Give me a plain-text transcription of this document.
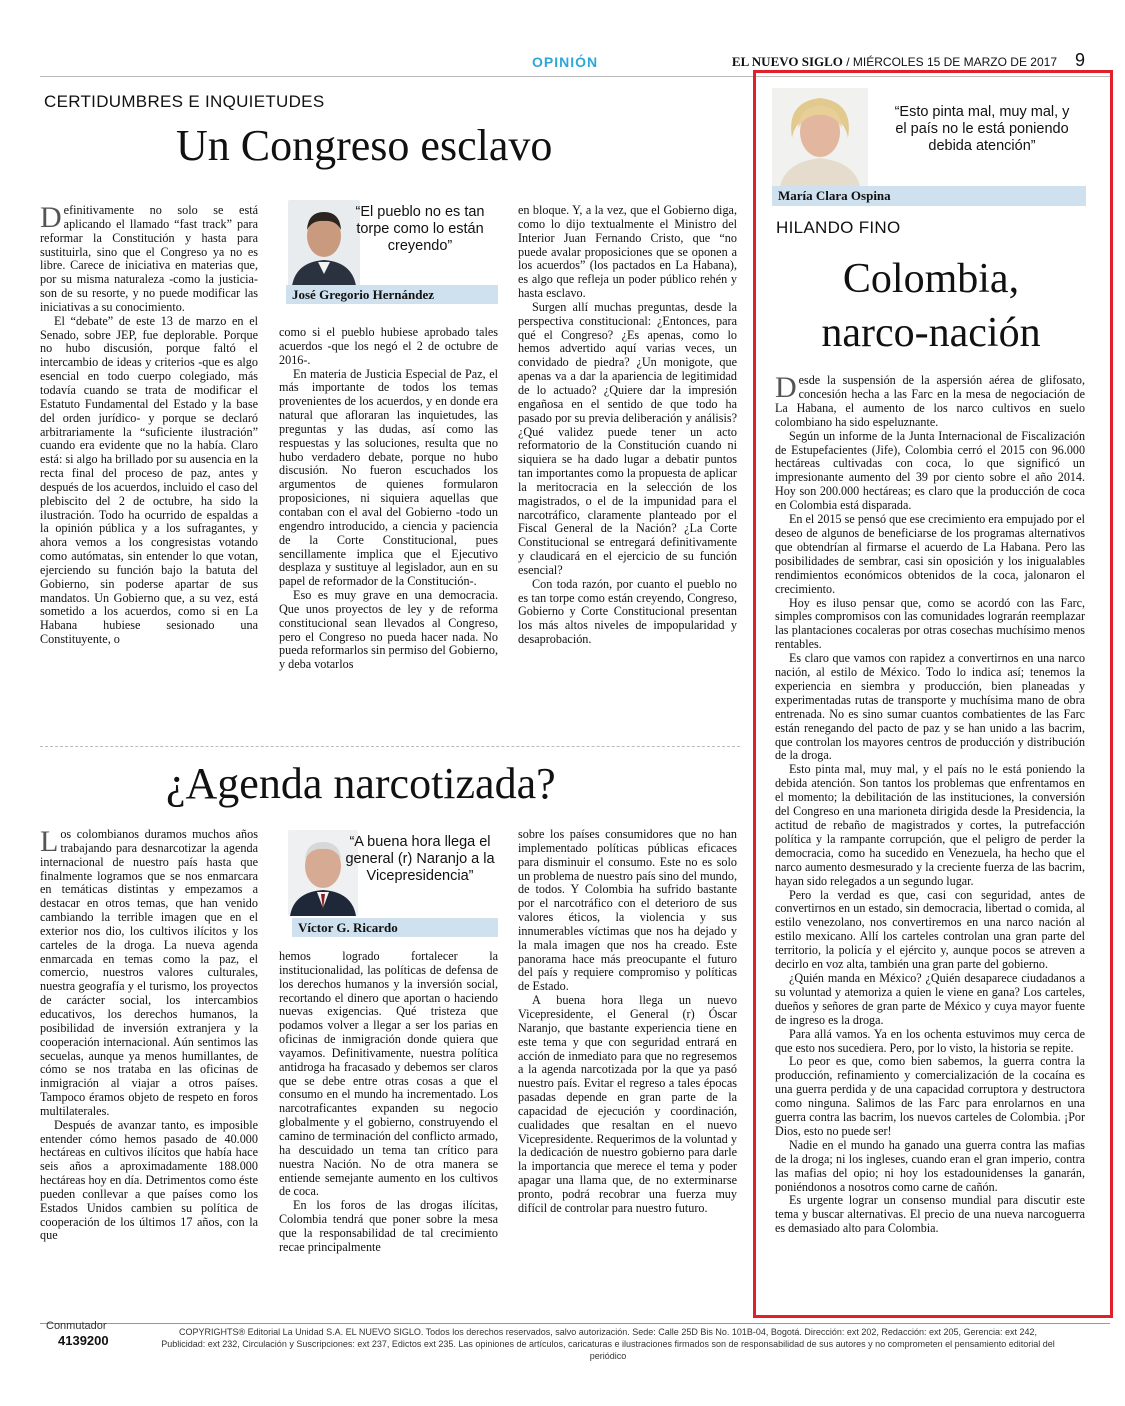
OPINIÓN	EL NUEVO SIGLO / MIÉRCOLES 15 DE MARZO DE 2017 9
CERTIDUMBRES E INQUIETUDES
Un Congreso esclavo

Definitivamente no solo se está aplicando el llamado “fast track” para reformar la Constitución y hasta para sustituirla, sino que el Congreso ya no es libre. Carece de iniciativa en materias que, por su misma naturaleza -como la justicia- son de su resorte, y no puede modificar las iniciativas a su conocimiento.

El “debate” de este 13 de marzo en el Senado, sobre JEP, fue deplorable. Porque no hubo discusión, porque faltó el intercambio de ideas y criterios -que es algo esencial en todo cuerpo colegiado, más todavía cuando se trata de modificar el Estatuto Fundamental del Estado y la base del orden jurídico- y porque se declaró arbitrariamente la “suficiente ilustración” cuando era evidente que no la había. Claro está: si algo ha brillado por su ausencia en la recta final del proceso de paz, antes y después de los acuerdos, incluido el caso del plebiscito del 2 de octubre, ha sido la ilustración. Todo ha ocurrido de espaldas a la opinión pública y a los sufragantes, y ahora vemos a los congresistas votando como autómatas, sin entender lo que votan, ejerciendo su función bajo la batuta del Gobierno, sin poderse apartar de sus mandatos. Un Gobierno que, a su vez, está sometido a los acuerdos, como si en La Habana hubiese sesionado una Constituyente, o

“El pueblo no es tan torpe como lo están creyendo”
José Gregorio Hernández

como si el pueblo hubiese aprobado tales acuerdos -que los negó el 2 de octubre de 2016-.

En materia de Justicia Especial de Paz, el más importante de todos los temas provenientes de los acuerdos, y en donde era natural que afloraran las inquietudes, las preguntas y las dudas, así como las respuestas y las soluciones, resulta que no hubo verdadero debate, porque no hubo discusión. No fueron escuchados los argumentos de quienes formularon proposiciones, ni siquiera aquellas que contaban con el aval del Gobierno -todo un engendro introducido, a ciencia y paciencia de la Corte Constitucional, pues sencillamente implica que el Ejecutivo desplaza y sustituye al legislador, aun en su papel de reformador de la Constitución-.

Eso es muy grave en una democracia. Que unos proyectos de ley y de reforma constitucional sean llevados al Congreso, pero el Congreso no pueda hacer nada. No pueda reformarlos sin permiso del Gobierno, y deba votarlos

en bloque. Y, a la vez, que el Gobierno diga, como lo dijo textualmente el Ministro del Interior Juan Fernando Cristo, que “no puede avalar proposiciones que se oponen a los acuerdos” (los pactados en La Habana), es algo que refleja un poder público rehén y hasta esclavo.

Surgen allí muchas preguntas, desde la perspectiva constitucional: ¿Entonces, para qué el Congreso? ¿Es apenas, como lo hemos advertido aquí varias veces, un convidado de piedra? ¿Un monigote, que apenas va a dar la apariencia de legitimidad de lo actuado? ¿Quiere dar la impresión engañosa en el sentido de que todo ha pasado por su previa deliberación y análisis? ¿Qué validez puede tener un acto reformatorio de la Constitución cuando ni siquiera se ha dado lugar a debatir puntos tan importantes como la propuesta de aplicar la meritocracia en la selección de los magistrados, o el de la impunidad para el narcotráfico, claramente planteado por el Fiscal General de la Nación? ¿La Corte Constitucional se entregará definitivamente y claudicará en el ejercicio de su función esencial?

Con toda razón, por cuanto el pueblo no es tan torpe como están creyendo, Congreso, Gobierno y Corte Constitucional presentan los más altos niveles de impopularidad y desaprobación.

¿Agenda narcotizada?

Los colombianos duramos muchos años trabajando para desnarcotizar la agenda internacional de nuestro país hasta que finalmente logramos que se nos enmarcara en temáticas distintas y empezamos a destacar en otros temas, que han venido cambiando la terrible imagen que en el exterior nos dio, los cultivos ilícitos y los carteles de la droga. La nueva agenda enmarcada en temas como la paz, el comercio, nuestros valores culturales, nuestra geografía y el turismo, los proyectos de carácter social, los intercambios educativos, los derechos humanos, la posibilidad de inversión extranjera y la cooperación internacional. Aún sentimos las secuelas, aunque ya menos humillantes, de cómo se nos trataba en las oficinas de inmigración al viajar a otros países. Tampoco éramos objeto de respeto en foros multilaterales.

Después de avanzar tanto, es imposible entender cómo hemos pasado de 40.000 hectáreas en cultivos ilícitos que había hace seis años a aproximadamente 188.000 hectáreas hoy en día. Detrimentos como éste pueden conllevar a que países como los Estados Unidos cambien su política de cooperación de los últimos 17 años, con la que

“A buena hora llega el general (r) Naranjo a la Vicepresidencia”
Víctor G. Ricardo

hemos logrado fortalecer la institucionalidad, las políticas de defensa de los derechos humanos y la inversión social, recortando el dinero que aportan o haciendo nuevas exigencias. Qué tristeza que podamos volver a llegar a ser los parias en oficinas de inmigración donde quiera que vayamos. Definitivamente, nuestra política antidroga ha fracasado y debemos ser claros que se debe entre otras cosas a que el consumo en el mundo ha incrementado. Los narcotraficantes expanden su negocio globalmente y el gobierno, construyendo el camino de terminación del conflicto armado, ha descuidado un tema tan crítico para nuestra Nación. No de otra manera se entiende semejante aumento en los cultivos de coca.

En los foros de las drogas ilícitas, Colombia tendrá que poner sobre la mesa que la responsabilidad de tal crecimiento recae principalmente

sobre los países consumidores que no han implementado políticas públicas eficaces para disminuir el consumo. Este no es solo un problema de nuestro país sino del mundo, de todos. Y Colombia ha sufrido bastante por el narcotráfico con el deterioro de sus valores éticos, la violencia y sus innumerables víctimas que nos ha dejado y la mala imagen que nos ha creado. Este panorama hace más preocupante el futuro del país y requiere compromiso y políticas de Estado.

A buena hora llega un nuevo Vicepresidente, el General (r) Óscar Naranjo, que bastante experiencia tiene en este tema y que con seguridad entrará en acción de inmediato para que no regresemos a la agenda narcotizada por la que ya pasó nuestro país. Evitar el regreso a tales épocas pasadas depende en gran parte de la capacidad de ejecución y coordinación, cualidades que resaltan en el nuevo Vicepresidente. Requerimos de la voluntad y la dedicación de nuestro gobierno para darle la importancia que merece el tema y poder apagar una llama que, de no exterminarse pronto, podrá recobrar una fuerza muy difícil de controlar para nuestro futuro.

“Esto pinta mal, muy mal, y el país no le está poniendo debida atención”
María Clara Ospina
HILANDO FINO
Colombia,
narco-nación

Desde la suspensión de la aspersión aérea de glifosato, concesión hecha a las Farc en la mesa de negociación de La Habana, el aumento de los narco cultivos en suelo colombiano ha sido espeluznante.

Según un informe de la Junta Internacional de Fiscalización de Estupefacientes (Jife), Colombia cerró el 2015 con 96.000 hectáreas cultivadas con coca, lo que significó un impresionante aumento del 39 por ciento sobre el año 2014. Hoy son 200.000 hectáreas; es claro que la producción de coca en Colombia está disparada.

En el 2015 se pensó que ese crecimiento era empujado por el deseo de algunos de beneficiarse de los programas alternativos que obtendrían al firmarse el acuerdo de La Habana. Pero las posibilidades de sembrar, casi sin oposición y los inigualables rendimientos económicos obtenidos de la coca, jalonaron el crecimiento.

Hoy es iluso pensar que, como se acordó con las Farc, simples compromisos con las comunidades lograrán reemplazar las plantaciones cocaleras por otras cosechas muchísimo menos rentables.

Es claro que vamos con rapidez a convertirnos en una narco nación, al estilo de México. Todo lo indica así; tenemos la experiencia en siembra y producción, bien planeadas y experimentadas rutas de transporte y muchísima mano de obra entrenada. No es sino sumar cuantos combatientes de las Farc están renegando del pacto de paz y se han unido a las bacrim, que controlan los mayores centros de producción y distribución de la droga.

Esto pinta mal, muy mal, y el país no le está poniendo la debida atención. Son tantos los problemas que enfrentamos en el momento; la debilitación de las instituciones, la conversión del Congreso en una marioneta dirigida desde la Presidencia, la actitud de rebaño de magistrados y cortes, la putrefacción política y la rampante corrupción, que el peligro de perder la democracia, como ha sucedido en Venezuela, ha hecho que el narco aumento desmesurado y la creciente fuerza de las bacrim, hayan sido relegados a un segundo lugar.

Pero la verdad es que, casi con seguridad, antes de convertirnos en un estado, sin democracia, libertad o comida, al estilo venezolano, nos convertiremos en una narco nación al estilo mexicano. Allí los carteles controlan una gran parte del territorio, la policía y el ejército y, aunque pocos se atreven a decirlo en voz alta, también una gran parte del gobierno.

¿Quién manda en México? ¿Quién desaparece ciudadanos a su voluntad y atemoriza a quien le viene en gana? Los carteles, dueños y señores de gran parte de México y cuya mayor fuente de ingreso es la droga.

Para allá vamos. Ya en los ochenta estuvimos muy cerca de que esto nos sucediera. Pero, por lo visto, la historia se repite.

Lo peor es que, como bien sabemos, la guerra contra la producción, refinamiento y comercialización de la cocaína es una guerra perdida y de una capacidad corruptora y destructora como ninguna. Salimos de las Farc para enrolarnos en una guerra contra las bacrim, los nuevos carteles de Colombia. ¡Por Dios, esto no puede ser!

Nadie en el mundo ha ganado una guerra contra las mafias de la droga; ni los ingleses, cuando eran el gran imperio, contra las mafias del opio; ni hoy los estadounidenses la ganarán, poniéndonos a nosotros como carne de cañón.

Es urgente lograr un consenso mundial para discutir este tema y buscar alternativas. El precio de una nueva narcoguerra es demasiado alto para Colombia.

Conmutador
4139200
COPYRIGHTS® Editorial La Unidad S.A. EL NUEVO SIGLO. Todos los derechos reservados, salvo autorización. Sede: Calle 25D Bis No. 101B-04, Bogotá. Dirección: ext 202, Redacción: ext 205, Gerencia: ext 242, Publicidad: ext 232, Circulación y Suscripciones: ext 237, Edictos ext 235. Las opiniones de artículos, caricaturas e ilustraciones firmados son de responsabilidad de sus autores y no comprometen el pensamiento editorial del periódico
